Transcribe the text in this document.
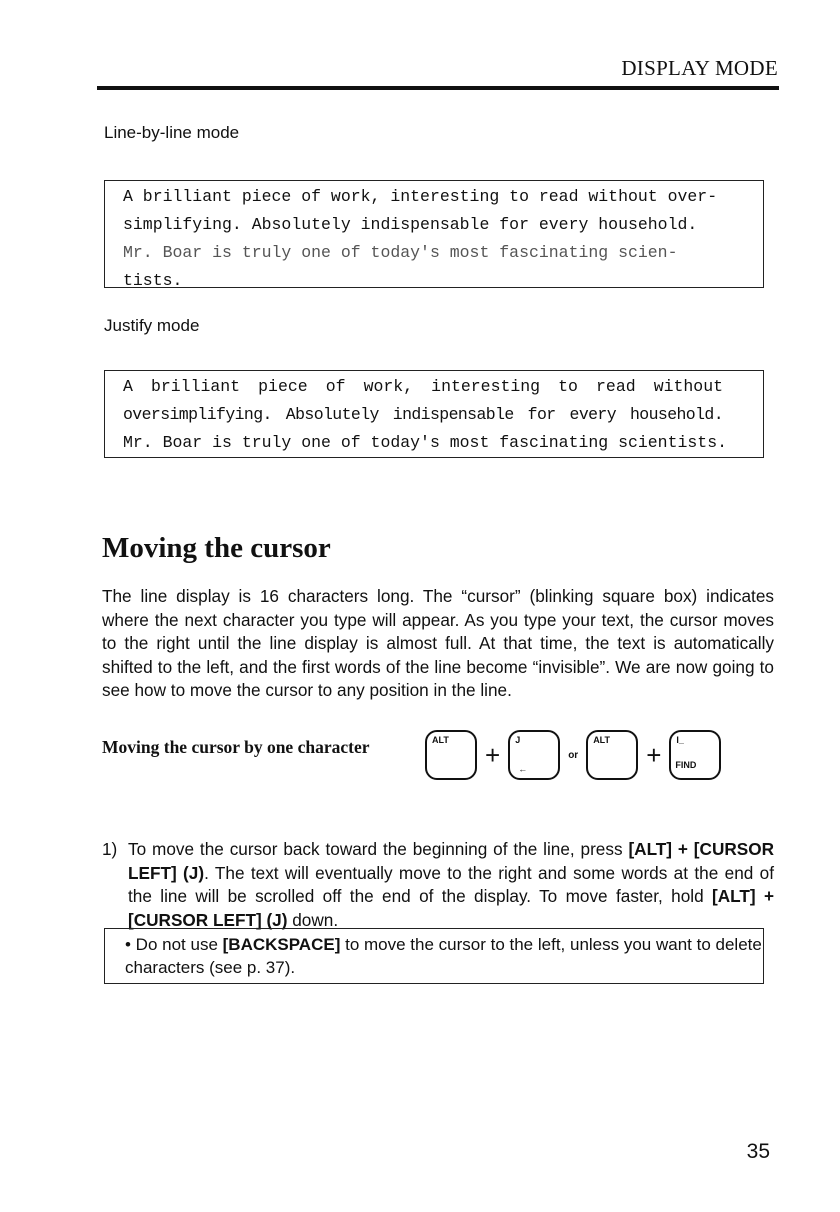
DISPLAY MODE
Line-by-line mode
A brilliant piece of work, interesting to read without over-
simplifying. Absolutely indispensable for every household.
Mr. Boar is truly one of today's most fascinating scien-
tists.
Justify mode
A brilliant piece of work, interesting to read without
oversimplifying. Absolutely indispensable for every household.
Mr. Boar is truly one of today's most fascinating scientists.
Moving the cursor
The line display is 16 characters long. The “cursor” (blinking square box) indicates where the next character you type will appear. As you type your text, the cursor moves to the right until the line display is almost full. At that time, the text is automatically shifted to the left, and the first words of the line become “invisible”. We are now going to see how to move the cursor to any position in the line.
Moving the cursor by one character	ALT + J
←
or
ALT + I_
FIND
1) To move the cursor back toward the beginning of the line, press [ALT] + [CURSOR LEFT] (J). The text will eventually move to the right and some words at the end of the line will be scrolled off the end of the display. To move faster, hold [ALT] + [CURSOR LEFT] (J) down.
• Do not use [BACKSPACE] to move the cursor to the left, unless you want to delete characters (see p. 37).
35
